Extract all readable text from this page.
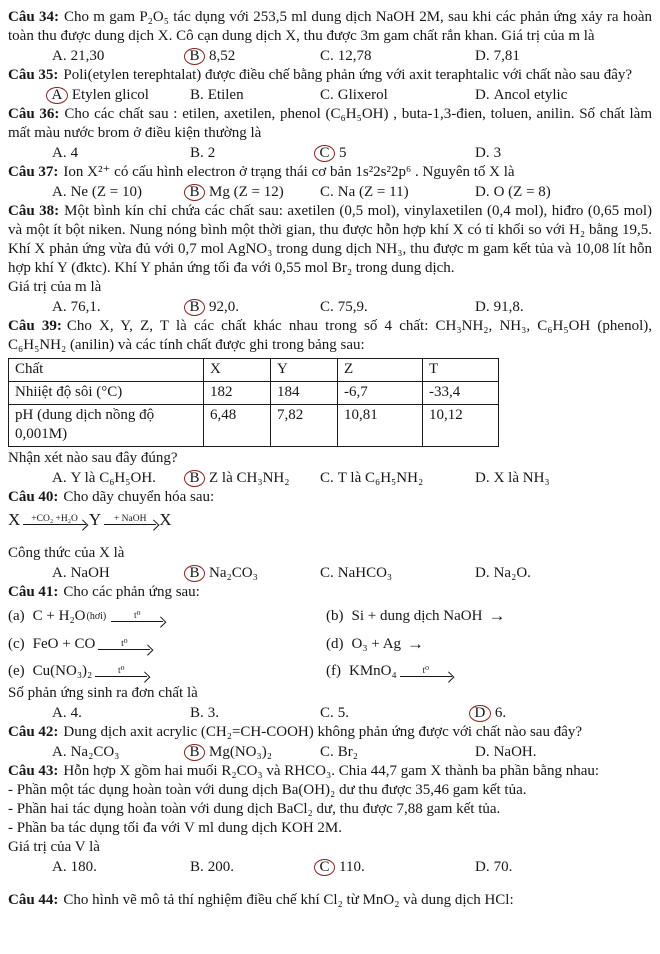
Câu 34: Cho m gam P₂O₅ tác dụng với 253,5 ml dung dịch NaOH 2M, sau khi các phản ứng xảy ra hoàn toàn thu được dung dịch X. Cô cạn dung dịch X, thu được 3m gam chất rắn khan. Giá trị của m là

A. 21,30	B 8,52	C. 12,78	D. 7,81

Câu 35: Poli(etylen terephtalat) được điều chế bằng phản ứng với axit teraphtalic với chất nào sau đây?

A Etylen glicol	B. Etilen	C. Glixerol	D. Ancol etylic

Câu 36: Cho các chất sau : etilen, axetilen, phenol (C₆H₅OH) , buta-1,3-đien, toluen, anilin. Số chất làm mất màu nước brom ở điều kiện thường là

A. 4	B. 2	C 5	D. 3

Câu 37: Ion X²⁺ có cấu hình electron ở trạng thái cơ bản 1s²2s²2p⁶ . Nguyên tố X là

A. Ne (Z = 10)	B Mg (Z = 12)	C. Na (Z = 11)	D. O (Z = 8)

Câu 38: Một bình kín chỉ chứa các chất sau: axetilen (0,5 mol), vinylaxetilen (0,4 mol), hiđro (0,65 mol) và một ít bột niken. Nung nóng bình một thời gian, thu được hỗn hợp khí X có tỉ khối so với H₂ bằng 19,5. Khí X phản ứng vừa đủ với 0,7 mol AgNO₃ trong dung dịch NH₃, thu được m gam kết tủa và 10,08 lít hỗn hợp khí Y (đktc). Khí Y phản ứng tối đa với 0,55 mol Br₂ trong dung dịch.

Giá trị của m là

A. 76,1.	B 92,0.	C. 75,9.	D. 91,8.

Câu 39: Cho X, Y, Z, T là các chất khác nhau trong số 4 chất: CH₃NH₂, NH₃, C₆H₅OH (phenol), C₆H₅NH₂ (anilin) và các tính chất được ghi trong bảng sau:

Chất	X	Y	Z	T
Nhiiệt độ sôi (°C)	182	184	-6,7	-33,4
pH (dung dịch nồng độ 0,001M)	6,48	7,82	10,81	10,12

Nhận xét nào sau đây đúng?

A. Y là C₆H₅OH.	B Z là CH₃NH₂	C. T là C₆H₅NH₂	D. X là NH₃

Câu 40: Cho dãy chuyển hóa sau:

X	+CO₂ +H₂O Y	+ NaOH X

Công thức của X là

A. NaOH	B Na₂CO₃	C. NaHCO₃	D. Na₂O.

Câu 41: Cho các phản ứng sau:

(a) C + H₂O (hơi)	t⁰	(b) Si + dung dịch NaOH
→
(c) FeO + CO	t⁰	(d) O₃ + Ag
→
(e) Cu(NO₃)₂	t⁰	(f) KMnO₄	t⁰

Số phản ứng sinh ra đơn chất là

A. 4.	B. 3.	C. 5.	D 6.

Câu 42: Dung dịch axit acrylic (CH₂=CH-COOH) không phản ứng được với chất nào sau đây?

A. Na₂CO₃	B Mg(NO₃)₂	C. Br₂	D. NaOH.

Câu 43: Hỗn hợp X gồm hai muối R₂CO₃ và RHCO₃. Chia 44,7 gam X thành ba phần bằng nhau:

- Phần một tác dụng hoàn toàn với dung dịch Ba(OH)₂ dư thu được 35,46 gam kết tủa.

- Phần hai tác dụng hoàn toàn với dung dịch BaCl₂ dư, thu được 7,88 gam kết tủa.

- Phần ba tác dụng tối đa với V ml dung dịch KOH 2M.

Giá trị của V là

A. 180.	B. 200.	C 110.	D. 70.

Câu 44: Cho hình vẽ mô tả thí nghiệm điều chế khí Cl₂ từ MnO₂ và dung dịch HCl:
